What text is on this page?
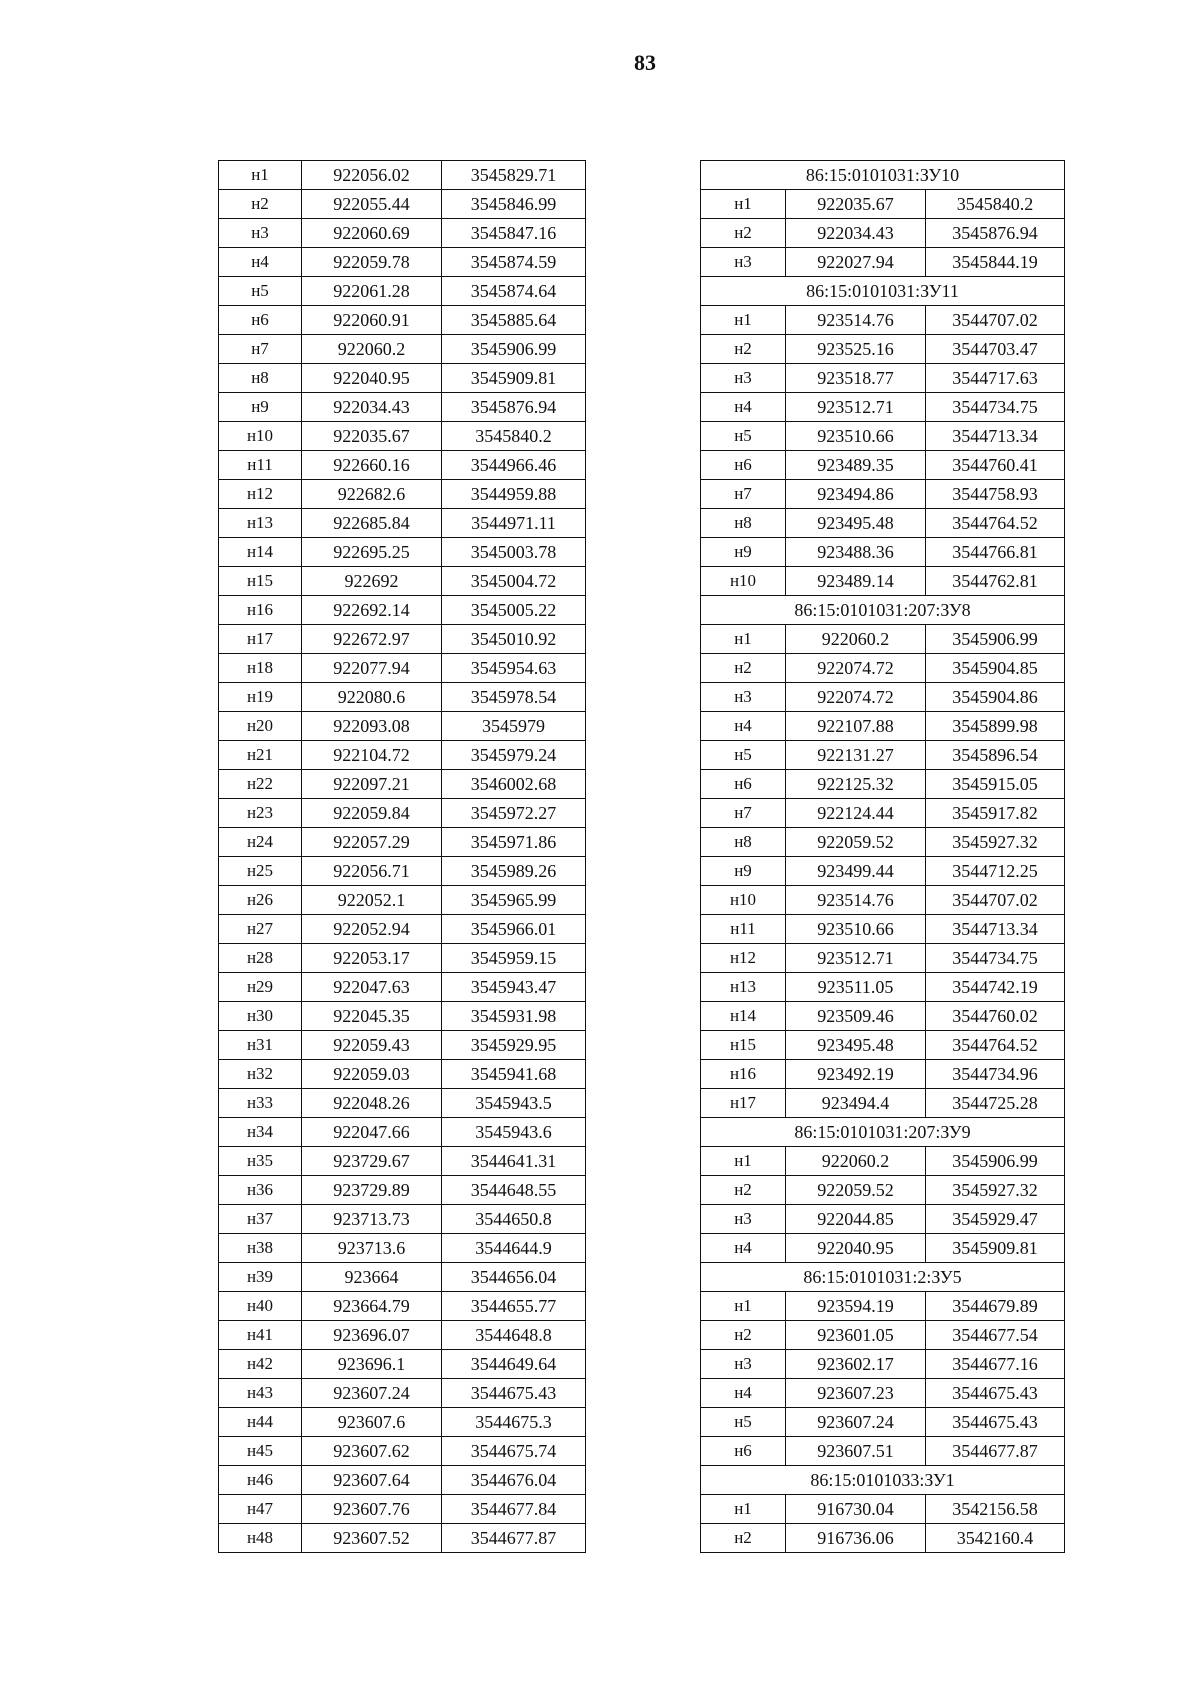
83
н1	922056.02	3545829.71
н2	922055.44	3545846.99
н3	922060.69	3545847.16
н4	922059.78	3545874.59
н5	922061.28	3545874.64
н6	922060.91	3545885.64
н7	922060.2	3545906.99
н8	922040.95	3545909.81
н9	922034.43	3545876.94
н10	922035.67	3545840.2
н11	922660.16	3544966.46
н12	922682.6	3544959.88
н13	922685.84	3544971.11
н14	922695.25	3545003.78
н15	922692	3545004.72
н16	922692.14	3545005.22
н17	922672.97	3545010.92
н18	922077.94	3545954.63
н19	922080.6	3545978.54
н20	922093.08	3545979
н21	922104.72	3545979.24
н22	922097.21	3546002.68
н23	922059.84	3545972.27
н24	922057.29	3545971.86
н25	922056.71	3545989.26
н26	922052.1	3545965.99
н27	922052.94	3545966.01
н28	922053.17	3545959.15
н29	922047.63	3545943.47
н30	922045.35	3545931.98
н31	922059.43	3545929.95
н32	922059.03	3545941.68
н33	922048.26	3545943.5
н34	922047.66	3545943.6
н35	923729.67	3544641.31
н36	923729.89	3544648.55
н37	923713.73	3544650.8
н38	923713.6	3544644.9
н39	923664	3544656.04
н40	923664.79	3544655.77
н41	923696.07	3544648.8
н42	923696.1	3544649.64
н43	923607.24	3544675.43
н44	923607.6	3544675.3
н45	923607.62	3544675.74
н46	923607.64	3544676.04
н47	923607.76	3544677.84
н48	923607.52	3544677.87
86:15:0101031:ЗУ10		
н1	922035.67	3545840.2
н2	922034.43	3545876.94
н3	922027.94	3545844.19
86:15:0101031:ЗУ11		
н1	923514.76	3544707.02
н2	923525.16	3544703.47
н3	923518.77	3544717.63
н4	923512.71	3544734.75
н5	923510.66	3544713.34
н6	923489.35	3544760.41
н7	923494.86	3544758.93
н8	923495.48	3544764.52
н9	923488.36	3544766.81
н10	923489.14	3544762.81
86:15:0101031:207:ЗУ8		
н1	922060.2	3545906.99
н2	922074.72	3545904.85
н3	922074.72	3545904.86
н4	922107.88	3545899.98
н5	922131.27	3545896.54
н6	922125.32	3545915.05
н7	922124.44	3545917.82
н8	922059.52	3545927.32
н9	923499.44	3544712.25
н10	923514.76	3544707.02
н11	923510.66	3544713.34
н12	923512.71	3544734.75
н13	923511.05	3544742.19
н14	923509.46	3544760.02
н15	923495.48	3544764.52
н16	923492.19	3544734.96
н17	923494.4	3544725.28
86:15:0101031:207:ЗУ9		
н1	922060.2	3545906.99
н2	922059.52	3545927.32
н3	922044.85	3545929.47
н4	922040.95	3545909.81
86:15:0101031:2:ЗУ5		
н1	923594.19	3544679.89
н2	923601.05	3544677.54
н3	923602.17	3544677.16
н4	923607.23	3544675.43
н5	923607.24	3544675.43
н6	923607.51	3544677.87
86:15:0101033:ЗУ1		
н1	916730.04	3542156.58
н2	916736.06	3542160.4
